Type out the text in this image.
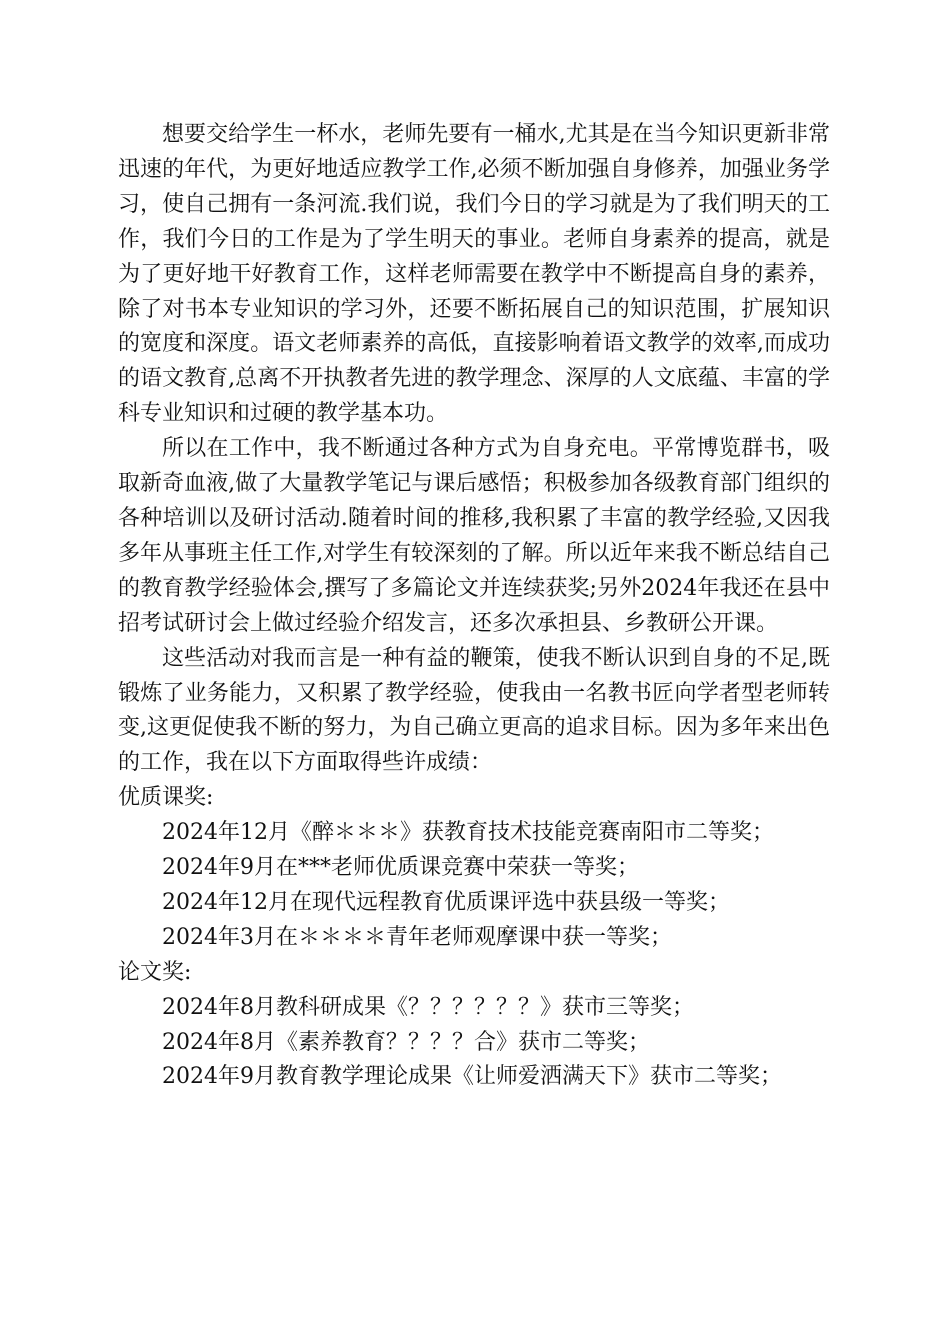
想要交给学生一杯水，老师先要有一桶水,尤其是在当今知识更新非常迅速的年代，为更好地适应教学工作,必须不断加强自身修养，加强业务学习，使自己拥有一条河流.我们说，我们今日的学习就是为了我们明天的工作，我们今日的工作是为了学生明天的事业。老师自身素养的提高，就是为了更好地干好教育工作，这样老师需要在教学中不断提高自身的素养，除了对书本专业知识的学习外，还要不断拓展自己的知识范围，扩展知识的宽度和深度。语文老师素养的高低，直接影响着语文教学的效率,而成功的语文教育,总离不开执教者先进的教学理念、深厚的人文底蕴、丰富的学科专业知识和过硬的教学基本功。

所以在工作中，我不断通过各种方式为自身充电。平常博览群书，吸取新奇血液,做了大量教学笔记与课后感悟；积极参加各级教育部门组织的各种培训以及研讨活动.随着时间的推移,我积累了丰富的教学经验,又因我多年从事班主任工作,对学生有较深刻的了解。所以近年来我不断总结自己的教育教学经验体会,撰写了多篇论文并连续获奖;另外2024年我还在县中招考试研讨会上做过经验介绍发言，还多次承担县、乡教研公开课。

这些活动对我而言是一种有益的鞭策，使我不断认识到自身的不足,既锻炼了业务能力，又积累了教学经验，使我由一名教书匠向学者型老师转变,这更促使我不断的努力，为自己确立更高的追求目标。因为多年来出色的工作，我在以下方面取得些许成绩：

优质课奖:

2024年12月《醉＊＊＊》获教育技术技能竞赛南阳市二等奖；
2024年9月在***老师优质课竞赛中荣获一等奖；
2024年12月在现代远程教育优质课评选中获县级一等奖；
2024年3月在＊＊＊＊青年老师观摩课中获一等奖；

论文奖:

2024年8月教科研成果《？？？？？？》获市三等奖；
2024年8月《素养教育？？？？合》获市二等奖；
2024年9月教育教学理论成果《让师爱洒满天下》获市二等奖；
